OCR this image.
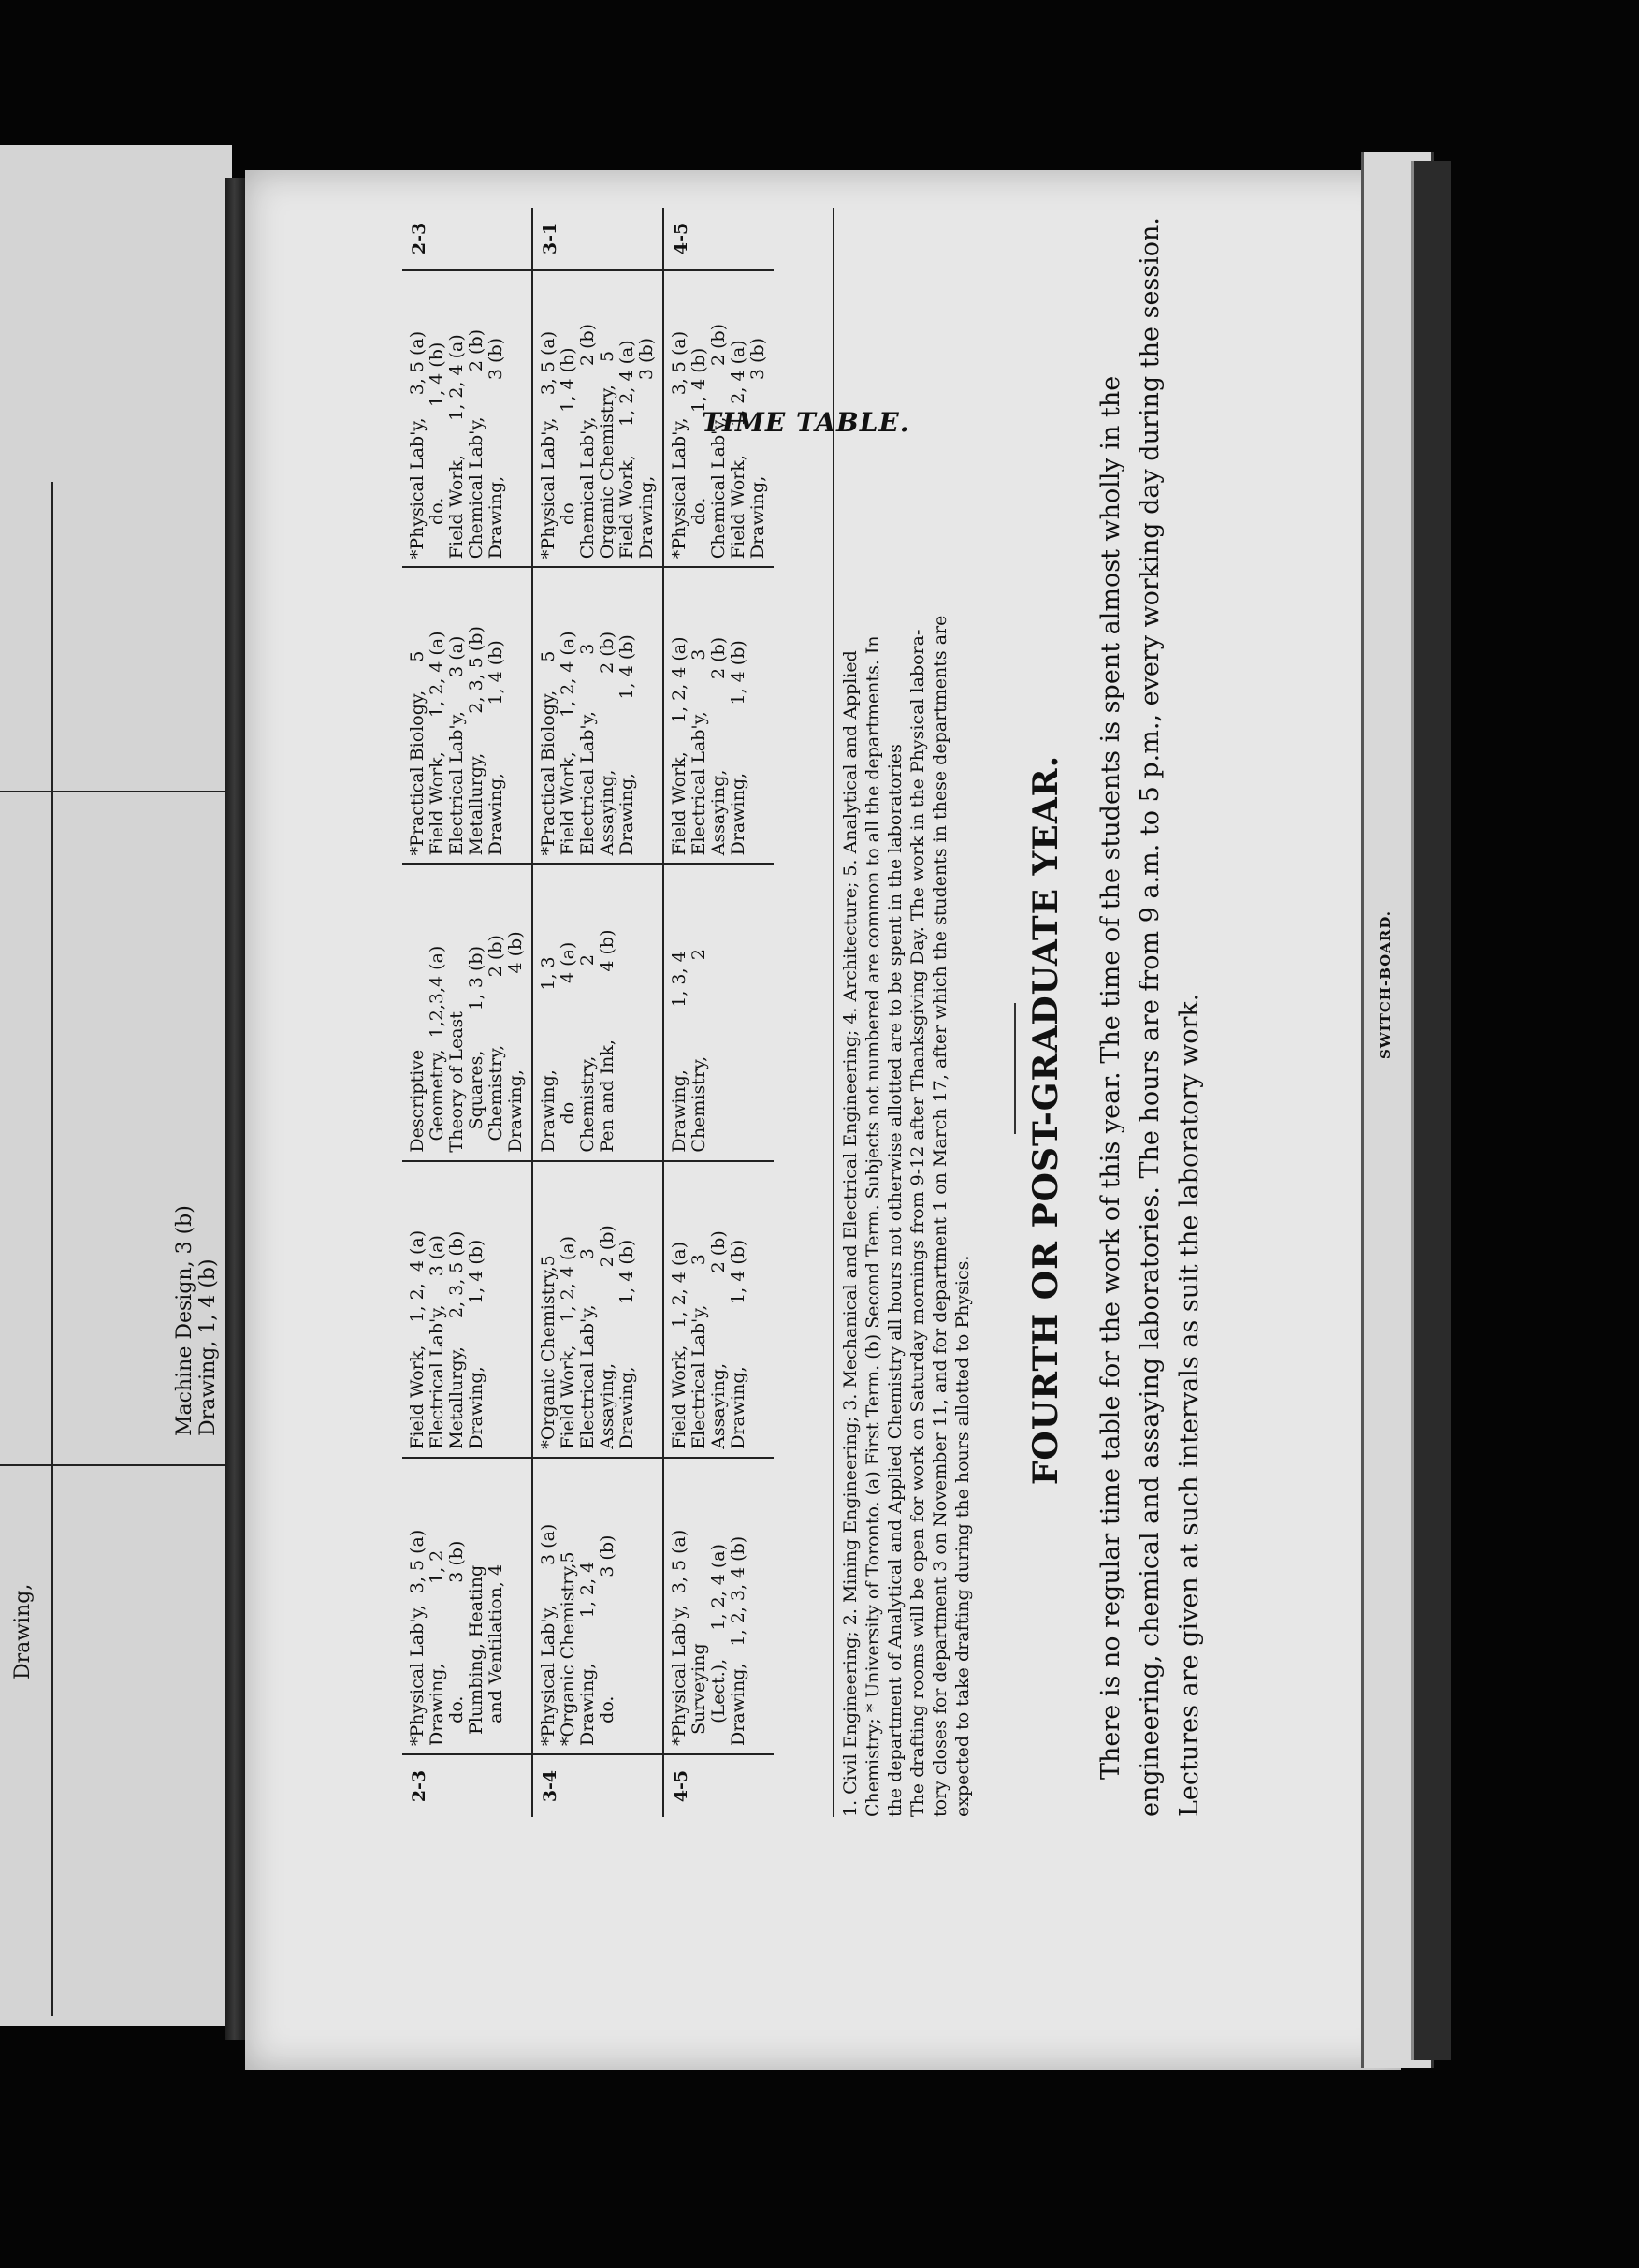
Drawing,
Machine Design, 3 (b) Drawing, 1, 4 (b)
2-3
*Physical Lab'y,  3, 5 (a)
Drawing,              1, 2
do.                    3 (b)
Plumbing, Heating
and Ventilation, 4
Field Work,    1, 2,  4 (a)
Electrical Lab'y,     3 (a)
Metallurgy,     2, 3, 5 (b)
Drawing,           1, 4 (b)
Descriptive
Geometry,  1,2,3,4 (a)
Theory of Least
Squares,       1, 3 (b)
Chemistry,            2 (b)
Drawing,                 4 (b)
*Practical Biology,     5
Field Work,      1, 2, 4 (a)
Electrical Lab'y,      3 (a)
Metallurgy,       2, 3, 5 (b)
Drawing,            1, 4 (b)
*Physical Lab'y,    3, 5 (a)
do.                1, 4 (b)
Field Work,      1, 2, 4 (a)
Chemical Lab'y,        2 (b)
Drawing,                 3 (b)
2-3
3-4
*Physical Lab'y,       3 (a)
*Organic Chemistry,5
Drawing,        1, 2, 4
do.                     3 (b)
*Organic Chemistry,5
Field Work,    1, 2, 4 (a)
Electrical Lab'y,        3
Assaying,                 2 (b)
Drawing,           1, 4 (b)
Drawing,              1, 3
do                     4 (a)
Chemistry,                2
Pen and Ink,            4 (b)
*Practical Biology,     5
Field Work,      1, 2, 4 (a)
Electrical Lab'y,          3
Assaying,                 2 (b)
Drawing,             1, 4 (b)
*Physical Lab'y,    3, 5 (a)
do                1, 4 (b)
Chemical Lab'y,         2 (b)
Organic Chemistry,    5
Field Work,     1, 2, 4 (a)
Drawing,                 3 (b)
3-1
4-5
*Physical Lab'y,  3, 5 (a)
Surveying
(Lect.),     1, 2, 4 (a)
Drawing,   1, 2, 3, 4 (b)
Field Work,   1, 2, 4 (a)
Electrical Lab'y,       3
Assaying,                2 (b)
Drawing,           1, 4 (b)
Drawing,           1, 3, 4
Chemistry,                 2
Field Work,     1, 2, 4 (a)
Electrical Lab'y,         3
Assaying,                2 (b)
Drawing,            1, 4 (b)
*Physical Lab'y,    3, 5 (a)
do.               1, 4 (b)
Chemical Lab'y,         2 (b)
Field Work,     1, 2, 4 (a)
Drawing,                 3 (b)
4-5

1. Civil Engineering; 2. Mining Engineering; 3. Mechanical and Electrical Engineering; 4. Architecture; 5. Analytical and Applied Chemistry; * University of Toronto. (a) First Term. (b) Second Term. Subjects not numbered are common to all the departments. In the department of Analytical and Applied Chemistry all hours not otherwise allotted are to be spent in the laboratories The drafting rooms will be open for work on Saturday mornings from 9-12 after Thanksgiving Day. The work in the Physical labora- tory closes for department 3 on November 11, and for department 1 on March 17, after which the students in these departments are expected to take drafting during the hours allotted to Physics.

FOURTH OR POST-GRADUATE YEAR. There is no regular time table for the work of this year. The time of the students is spent almost wholly in the engineering, chemical and assaying laboratories. The hours are from 9 a.m. to 5 p.m., every working day during the session. Lectures are given at such intervals as suit the laboratory work.
SWITCH-BOARD.
TIME TABLE.
